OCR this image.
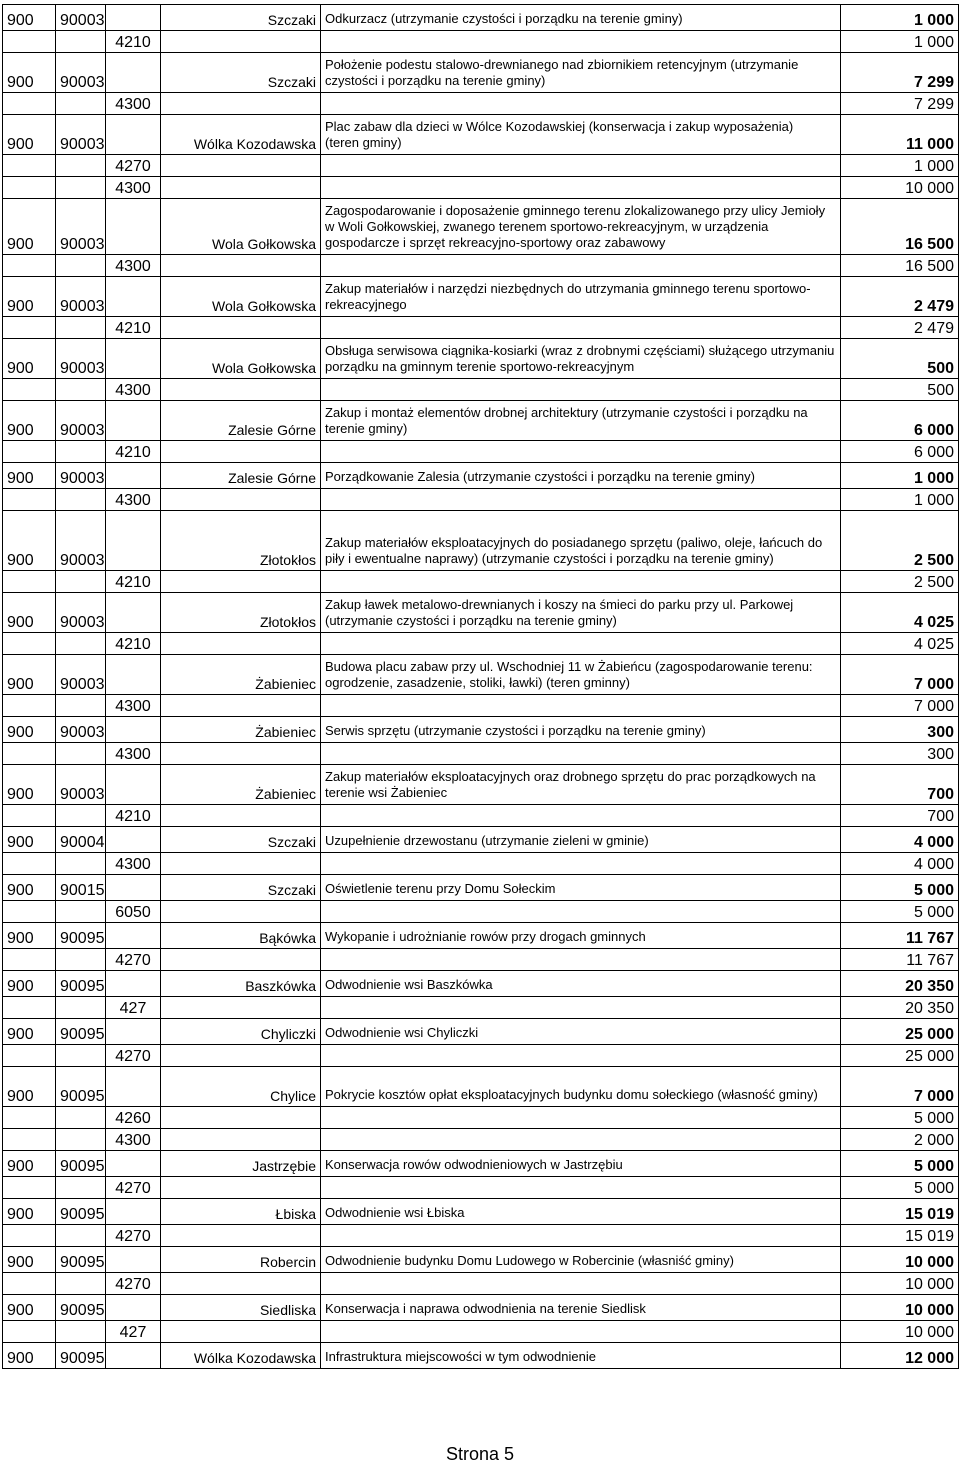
900	90003		Szczaki	Odkurzacz (utrzymanie czystości i porządku na terenie gminy)	1 000
		4210			1 000
900	90003		Szczaki	Położenie podestu stalowo-drewnianego nad zbiornikiem retencyjnym (utrzymanie
czystości i porządku na terenie gminy)	7 299
		4300			7 299
900	90003		Wólka Kozodawska	Plac zabaw dla dzieci w Wólce Kozodawskiej (konserwacja i zakup wyposażenia)
(teren gminy)	11 000
		4270			1 000
		4300			10 000
900	90003		Wola Gołkowska	Zagospodarowanie i doposażenie gminnego terenu zlokalizowanego przy ulicy Jemioły
w Woli Gołkowskiej, zwanego terenem sportowo-rekreacyjnym, w urządzenia
gospodarcze i sprzęt rekreacyjno-sportowy oraz zabawowy	16 500
		4300			16 500
900	90003		Wola Gołkowska	Zakup materiałów i narzędzi niezbędnych do utrzymania gminnego terenu sportowo-
rekreacyjnego	2 479
		4210			2 479
900	90003		Wola Gołkowska	Obsługa serwisowa ciągnika-kosiarki (wraz z drobnymi częściami) służącego utrzymaniu
porządku na gminnym terenie sportowo-rekreacyjnym	500
		4300			500
900	90003		Zalesie Górne	Zakup i montaż elementów drobnej architektury (utrzymanie czystości i porządku na
terenie gminy)	6 000
		4210			6 000
900	90003		Zalesie Górne	Porządkowanie Zalesia (utrzymanie czystości i porządku na terenie gminy)	1 000
		4300			1 000
900	90003		Złotokłos	Zakup materiałów eksploatacyjnych do posiadanego sprzętu (paliwo, oleje, łańcuch do
piły i ewentualne naprawy) (utrzymanie czystości i porządku na terenie gminy)	2 500
		4210			2 500
900	90003		Złotokłos	Zakup ławek metalowo-drewnianych i koszy na śmieci do parku przy ul. Parkowej
(utrzymanie czystości i porządku na terenie gminy)	4 025
		4210			4 025
900	90003		Żabieniec	Budowa placu zabaw przy ul. Wschodniej 11 w Żabieńcu (zagospodarowanie terenu:
ogrodzenie, zasadzenie, stoliki, ławki) (teren gminny)	7 000
		4300			7 000
900	90003		Żabieniec	Serwis sprzętu (utrzymanie czystości i porządku na terenie gminy)	300
		4300			300
900	90003		Żabieniec	Zakup materiałów eksploatacyjnych oraz drobnego sprzętu do prac porządkowych na
terenie wsi Żabieniec	700
		4210			700
900	90004		Szczaki	Uzupełnienie drzewostanu (utrzymanie zieleni w gminie)	4 000
		4300			4 000
900	90015		Szczaki	Oświetlenie terenu przy Domu Sołeckim	5 000
		6050			5 000
900	90095		Bąkówka	Wykopanie i udrożnianie rowów przy drogach gminnych	11 767
		4270			11 767
900	90095		Baszkówka	Odwodnienie wsi Baszkówka	20 350
		427			20 350
900	90095		Chyliczki	Odwodnienie wsi Chyliczki	25 000
		4270			25 000
900	90095		Chylice	Pokrycie kosztów opłat eksploatacyjnych budynku domu sołeckiego (własność gminy)	7 000
		4260			5 000
		4300			2 000
900	90095		Jastrzębie	Konserwacja rowów odwodnieniowych w Jastrzębiu	5 000
		4270			5 000
900	90095		Łbiska	Odwodnienie wsi Łbiska	15 019
		4270			15 019
900	90095		Robercin	Odwodnienie budynku Domu Ludowego w Robercinie (własniść gminy)	10 000
		4270			10 000
900	90095		Siedliska	Konserwacja i naprawa odwodnienia na terenie Siedlisk	10 000
		427			10 000
900	90095		Wólka Kozodawska	Infrastruktura miejscowości w tym odwodnienie	12 000
Strona 5
